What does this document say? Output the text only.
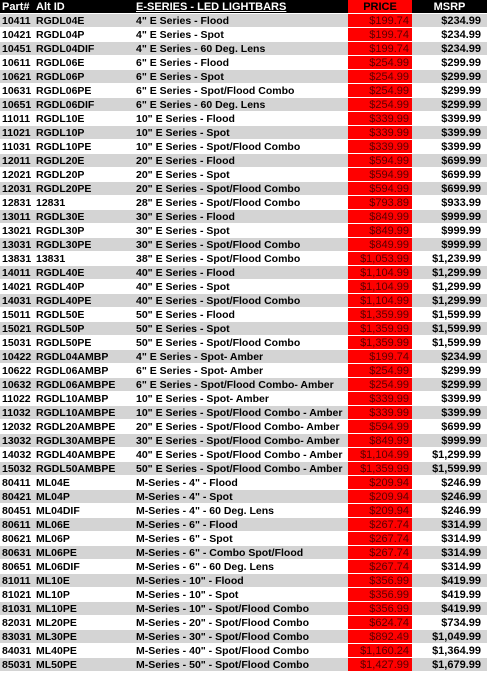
Part#	Alt ID	E-SERIES - LED LIGHTBARS	PRICE	MSRP
10411	RGDL04E	4" E Series - Flood	$199.74	$234.99
10421	RGDL04P	4" E Series - Spot	$199.74	$234.99
10451	RGDL04DIF	4" E Series - 60 Deg. Lens	$199.74	$234.99
10611	RGDL06E	6" E Series - Flood	$254.99	$299.99
10621	RGDL06P	6" E Series - Spot	$254.99	$299.99
10631	RGDL06PE	6" E Series - Spot/Flood Combo	$254.99	$299.99
10651	RGDL06DIF	6" E Series - 60 Deg. Lens	$254.99	$299.99
11011	RGDL10E	10" E Series - Flood	$339.99	$399.99
11021	RGDL10P	10" E Series - Spot	$339.99	$399.99
11031	RGDL10PE	10" E Series - Spot/Flood Combo	$339.99	$399.99
12011	RGDL20E	20" E Series - Flood	$594.99	$699.99
12021	RGDL20P	20" E Series - Spot	$594.99	$699.99
12031	RGDL20PE	20" E Series - Spot/Flood Combo	$594.99	$699.99
12831	12831	28" E Series - Spot/Flood Combo	$793.89	$933.99
13011	RGDL30E	30" E Series - Flood	$849.99	$999.99
13021	RGDL30P	30" E Series - Spot	$849.99	$999.99
13031	RGDL30PE	30" E Series - Spot/Flood Combo	$849.99	$999.99
13831	13831	38" E Series - Spot/Flood Combo	$1,053.99	$1,239.99
14011	RGDL40E	40" E Series - Flood	$1,104.99	$1,299.99
14021	RGDL40P	40" E Series - Spot	$1,104.99	$1,299.99
14031	RGDL40PE	40" E Series - Spot/Flood Combo	$1,104.99	$1,299.99
15011	RGDL50E	50" E Series - Flood	$1,359.99	$1,599.99
15021	RGDL50P	50" E Series - Spot	$1,359.99	$1,599.99
15031	RGDL50PE	50" E Series - Spot/Flood Combo	$1,359.99	$1,599.99
10422	RGDL04AMBP	4" E Series - Spot- Amber	$199.74	$234.99
10622	RGDL06AMBP	6" E Series - Spot- Amber	$254.99	$299.99
10632	RGDL06AMBPE	6" E Series - Spot/Flood Combo- Amber	$254.99	$299.99
11022	RGDL10AMBP	10" E Series - Spot- Amber	$339.99	$399.99
11032	RGDL10AMBPE	10" E Series - Spot/Flood Combo - Amber	$339.99	$399.99
12032	RGDL20AMBPE	20" E Series - Spot/Flood Combo- Amber	$594.99	$699.99
13032	RGDL30AMBPE	30" E Series - Spot/Flood Combo- Amber	$849.99	$999.99
14032	RGDL40AMBPE	40" E Series - Spot/Flood Combo - Amber	$1,104.99	$1,299.99
15032	RGDL50AMBPE	50" E Series - Spot/Flood Combo - Amber	$1,359.99	$1,599.99
80411	ML04E	M-Series - 4" - Flood	$209.94	$246.99
80421	ML04P	M-Series - 4" - Spot	$209.94	$246.99
80451	ML04DIF	M-Series - 4" - 60 Deg. Lens	$209.94	$246.99
80611	ML06E	M-Series - 6" - Flood	$267.74	$314.99
80621	ML06P	M-Series - 6" - Spot	$267.74	$314.99
80631	ML06PE	M-Series - 6" - Combo Spot/Flood	$267.74	$314.99
80651	ML06DIF	M-Series - 6" - 60 Deg. Lens	$267.74	$314.99
81011	ML10E	M-Series - 10" - Flood	$356.99	$419.99
81021	ML10P	M-Series - 10" - Spot	$356.99	$419.99
81031	ML10PE	M-Series - 10" - Spot/Flood Combo	$356.99	$419.99
82031	ML20PE	M-Series - 20" - Spot/Flood Combo	$624.74	$734.99
83031	ML30PE	M-Series - 30" - Spot/Flood Combo	$892.49	$1,049.99
84031	ML40PE	M-Series - 40" - Spot/Flood Combo	$1,160.24	$1,364.99
85031	ML50PE	M-Series - 50" - Spot/Flood Combo	$1,427.99	$1,679.99
